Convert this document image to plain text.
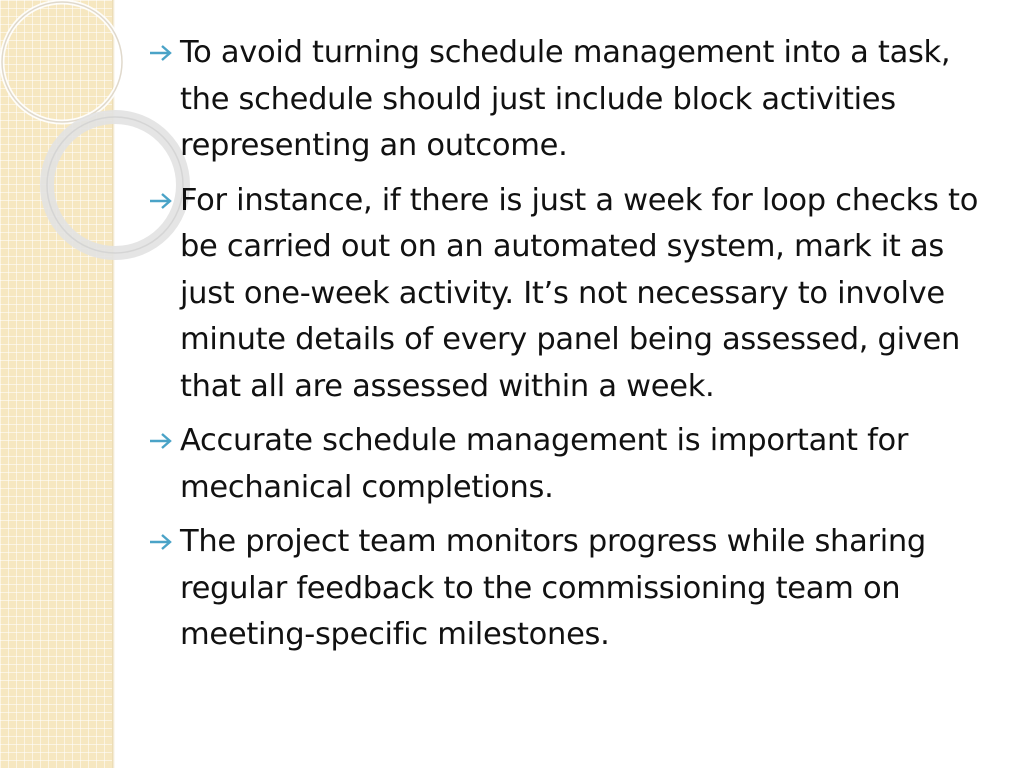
To avoid turning schedule management into a task, the schedule should just include block activities representing an outcome.
For instance, if there is just a week for loop checks to be carried out on an automated system, mark it as just one-week activity. It’s not necessary to involve minute details of every panel being assessed, given that all are assessed within a week.
Accurate schedule management is important for mechanical completions.
The project team monitors progress while sharing regular feedback to the commissioning team on meeting-specific milestones.
